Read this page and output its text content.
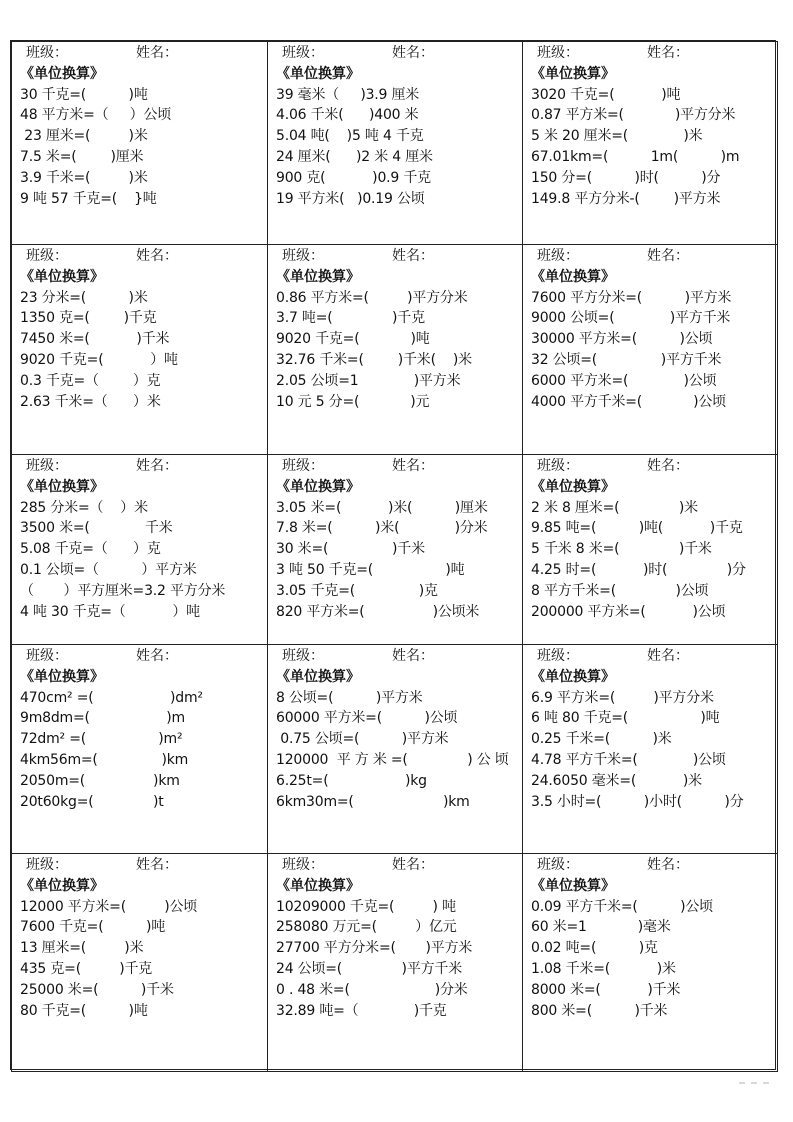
班级：	姓名：
《单位换算》
30 千克=(          )吨
48 平方米=（     ）公顷
23 厘米=(         )米
7.5 米=(        )厘米
3.9 千米=(         )米
9 吨 57 千克=(    }吨

班级：	姓名：
《单位换算》
39 毫米（     )3.9 厘米
4.06 千米(      )400 米
5.04 吨(    )5 吨 4 千克
24 厘米(      )2 米 4 厘米
900 克(           )0.9 千克
19 平方米(   )0.19 公顷

班级：	姓名：
《单位换算》
3020 千克=(           )吨
0.87 平方米=(            )平方分米
5 米 20 厘米=(             )米
67.01km=(          1m(          )m
150 分=(          )时(          )分
149.8 平方分米-(        )平方米

班级：	姓名：
《单位换算》
23 分米=(          )米
1350 克=(        )千克
7450 米=(           )千米
9020 千克=(           ）吨
0.3 千克=（        ）克
2.63 千米=（      ）米

班级：	姓名：
《单位换算》
0.86 平方米=(         )平方分米
3.7 吨=(              )千克
9020 千克=(            )吨
32.76 千米=(        )千米(    )米
2.05 公顷=1             )平方米
10 元 5 分=(            )元

班级：	姓名：
《单位换算》
7600 平方分米=(          )平方米
9000 公顷=(             )平方千米
30000 平方米=(          )公顷
32 公顷=(               )平方千米
6000 平方米=(             )公顷
4000 平方千米=(            )公顷

班级：	姓名：
《单位换算》
285 分米=（    ）米
3500 米=(             千米
5.08 千克=（      ）克
0.1 公顷=（          ）平方米
（       ）平方厘米=3.2 平方分米
4 吨 30 千克=（           ）吨

班级：	姓名：
《单位换算》
3.05 米=(           )米(          )厘米
7.8 米=(          )米(             )分米
30 米=(               )千米
3 吨 50 千克=(                 )吨
3.05 千克=(               )克
820 平方米=(                )公顷米

班级：	姓名：
《单位换算》
2 米 8 厘米=(              )米
9.85 吨=(          )吨(           )千克
5 千米 8 米=(              )千米
4.25 时=(           )时(              )分
8 平方千米=(              )公顷
200000 平方米=(           )公顷

班级：	姓名：
《单位换算》
470cm² =(                  )dm²
9m8dm=(                  )m
72dm² =(                 )m²
4km56m=(               )km
2050m=(                )km
20t60kg=(              )t

班级：	姓名：
《单位换算》
8 公顷=(          )平方米
60000 平方米=(          )公顷
0.75 公顷=(          )平方米
120000  平 方 米 =(              ) 公 顷
6.25t=(                  )kg
6km30m=(                     )km

班级：	姓名：
《单位换算》
6.9 平方米=(         )平方分米
6 吨 80 千克=(                 )吨
0.25 千米=(          )米
4.78 平方千米=(             )公顷
24.6050 毫米=(           )米
3.5 小时=(          )小时(          )分

班级：	姓名：
《单位换算》
12000 平方米=(         )公顷
7600 千克=(          )吨
13 厘米=(         )米
435 克=(         )千克
25000 米=(          )千米
80 千克=(          )吨

班级：	姓名：
《单位换算》
10209000 千克=(         ) 吨
258080 万元=(         ）亿元
27700 平方分米=(       )平方米
24 公顷=(              )平方千米
0 . 48 米=(                    )分米
32.89 吨=（             )千克

班级：	姓名：
《单位换算》
0.09 平方千米=(          )公顷
60 米=1            )毫米
0.02 吨=(          )克
1.08 千米=(           )米
8000 米=(           )千米
800 米=(          )千米
